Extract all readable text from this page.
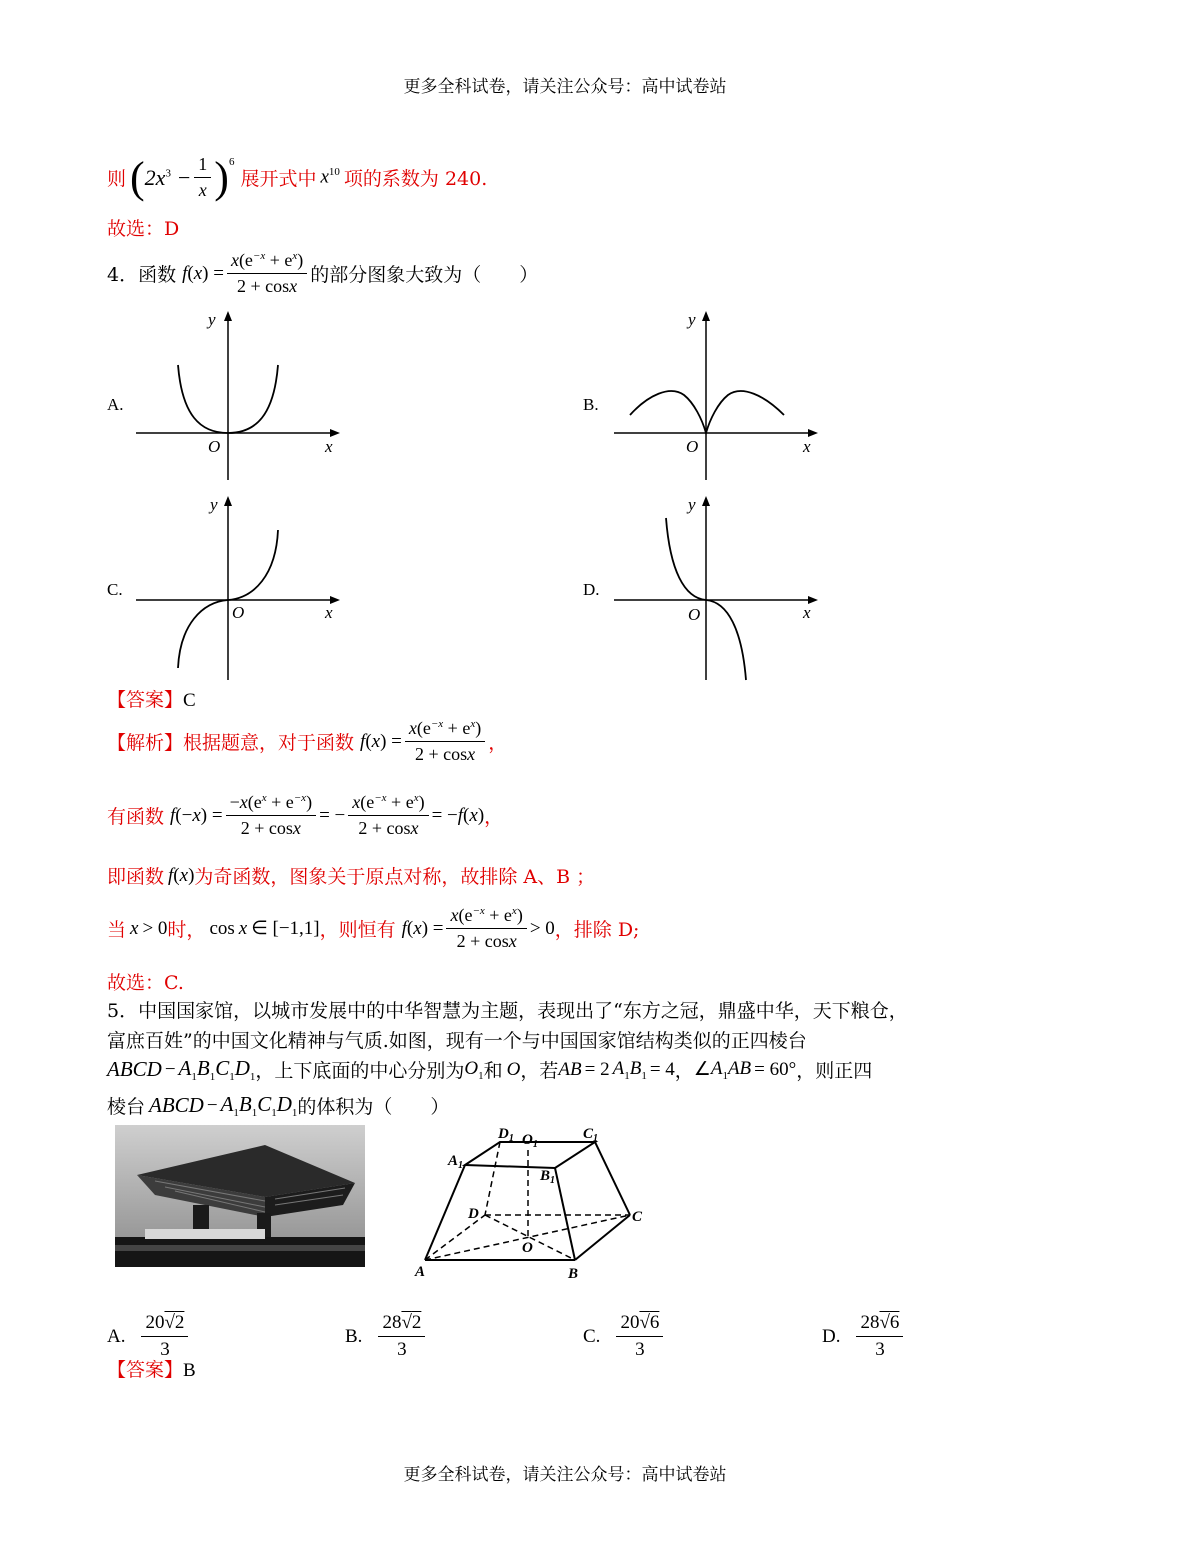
更多全科试卷，请关注公众号：高中试卷站
则 ( $2x^3 - \frac{1}{x} )^6$
展开式中 $x^{10}$ 项的系数为 240.
故选：D
4．函数 f ( x ) = $\frac{x(e^{-x} + e^x)}{2 + \cos x}$ 的部分图象大致为（　　）
A.
y
O	x
B.
y
O	x
C.
y
O	x
D.
y
O	x
【答案】C
【解析】 根据题意，对于函数 f ( x ) = $\frac{x(e^{-x} + e^x)}{2 + \cos x}$ ，
有函数 f (− x ) = $\frac{-x(e^x + e^{-x})}{2 + \cos x}$ = − $\frac{x(e^{-x} + e^x)}{2 + \cos x}$ = − f ( x ) ，
即函数 f ( x ) 为奇函数，图象关于原点对称，故排除 A、B ；
当 x > 0 时， cos x ∈ [−1,1] ，则恒有 f ( x ) = $\frac{x(e^{-x} + e^x)}{2 + \cos x} > 0$ ，排除 D;
故选：C.
5．中国国家馆，以城市发展中的中华智慧为主题，表现出了“东方之冠，鼎盛中华，天下粮仓，
富庶百姓”的中国文化精神与气质.如图，现有一个与中国国家馆结构类似的正四棱台
ABCD − $A_1B_1C_1D_1$ ，上下底面的中心分别为 $O_1$ 和 O ，若 AB = 2 $A_1B_1 = 4$ ， ∠ $A_1AB = 60^\circ$ ，则正四
棱台 ABCD − $A_1B_1C_1D_1$ 的体积为（　　）
$D_1$ $O_1$
$C_1$
$A_1$
$B_1$
D	C
O
A	B
A. $\frac{20√2}{3}$	B. $\frac{28√2}{3}$	C. $\frac{20√6}{3}$	D. $\frac{28√6}{3}$
【答案】B
更多全科试卷，请关注公众号：高中试卷站
